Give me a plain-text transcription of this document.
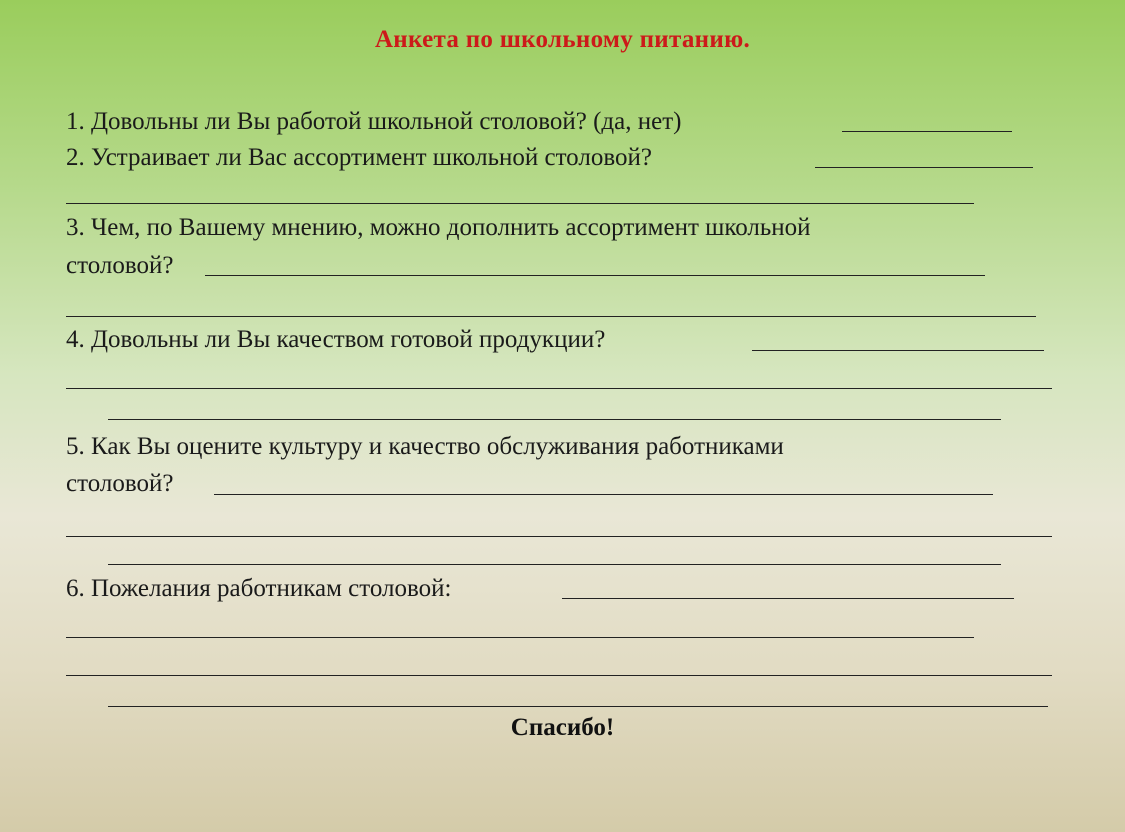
Анкета по школьному питанию.
1. Довольны ли Вы работой школьной столовой? (да, нет)
2. Устраивает ли Вас ассортимент школьной столовой?
3. Чем, по Вашему мнению, можно дополнить ассортимент школьной
столовой?
4. Довольны ли Вы качеством готовой продукции?
5. Как Вы оцените культуру и качество обслуживания работниками
столовой?
6. Пожелания работникам столовой:
Спасибо!
